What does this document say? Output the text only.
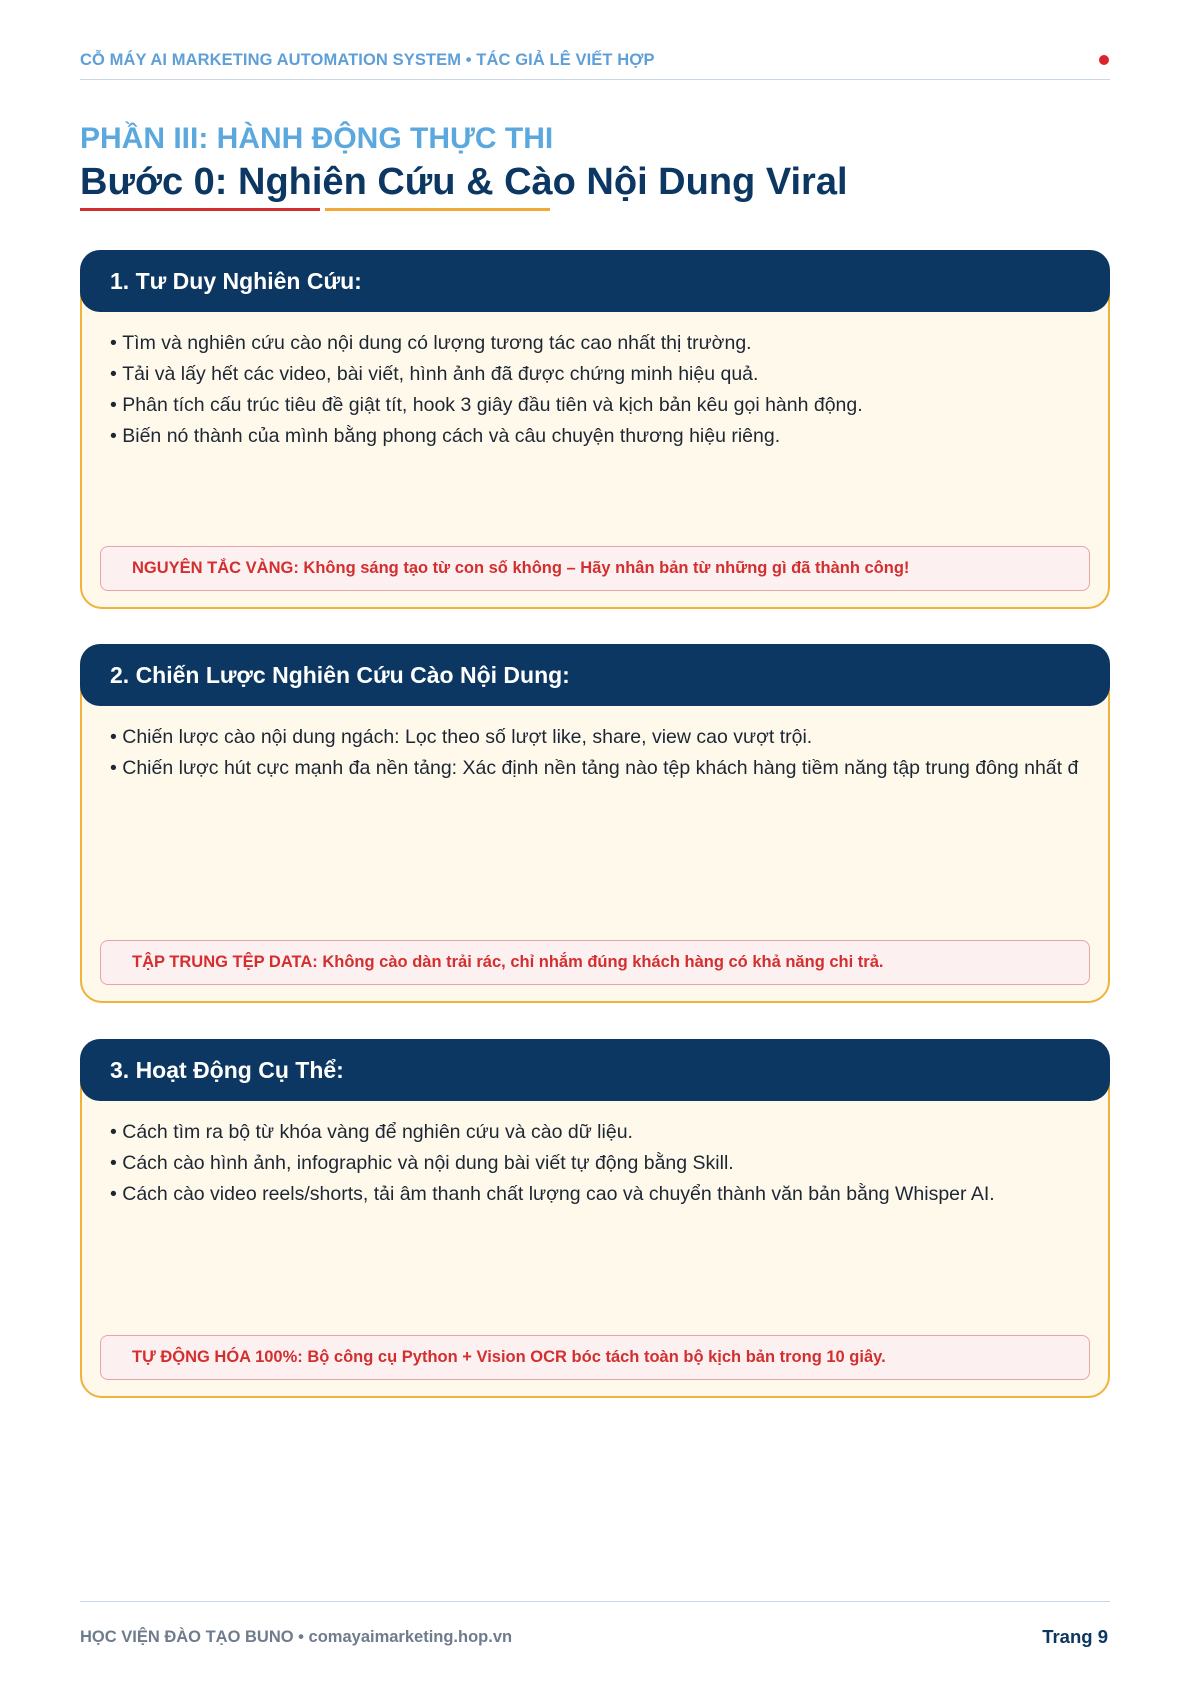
CỖ MÁY AI MARKETING AUTOMATION SYSTEM • TÁC GIẢ LÊ VIẾT HỢP
PHẦN III: HÀNH ĐỘNG THỰC THI
Bước 0: Nghiên Cứu & Cào Nội Dung Viral
1. Tư Duy Nghiên Cứu:
• Tìm và nghiên cứu cào nội dung có lượng tương tác cao nhất thị trường.
• Tải và lấy hết các video, bài viết, hình ảnh đã được chứng minh hiệu quả.
• Phân tích cấu trúc tiêu đề giật tít, hook 3 giây đầu tiên và kịch bản kêu gọi hành động.
• Biến nó thành của mình bằng phong cách và câu chuyện thương hiệu riêng.
NGUYÊN TẮC VÀNG: Không sáng tạo từ con số không – Hãy nhân bản từ những gì đã thành công!
2. Chiến Lược Nghiên Cứu Cào Nội Dung:
• Chiến lược cào nội dung ngách: Lọc theo số lượt like, share, view cao vượt trội.
• Chiến lược hút cực mạnh đa nền tảng: Xác định nền tảng nào tệp khách hàng tiềm năng tập trung đông nhất đ
TẬP TRUNG TỆP DATA: Không cào dàn trải rác, chỉ nhắm đúng khách hàng có khả năng chi trả.
3. Hoạt Động Cụ Thể:
• Cách tìm ra bộ từ khóa vàng để nghiên cứu và cào dữ liệu.
• Cách cào hình ảnh, infographic và nội dung bài viết tự động bằng Skill.
• Cách cào video reels/shorts, tải âm thanh chất lượng cao và chuyển thành văn bản bằng Whisper AI.
TỰ ĐỘNG HÓA 100%: Bộ công cụ Python + Vision OCR bóc tách toàn bộ kịch bản trong 10 giây.
HỌC VIỆN ĐÀO TẠO BUNO • comayaimarketing.hop.vn	Trang 9
